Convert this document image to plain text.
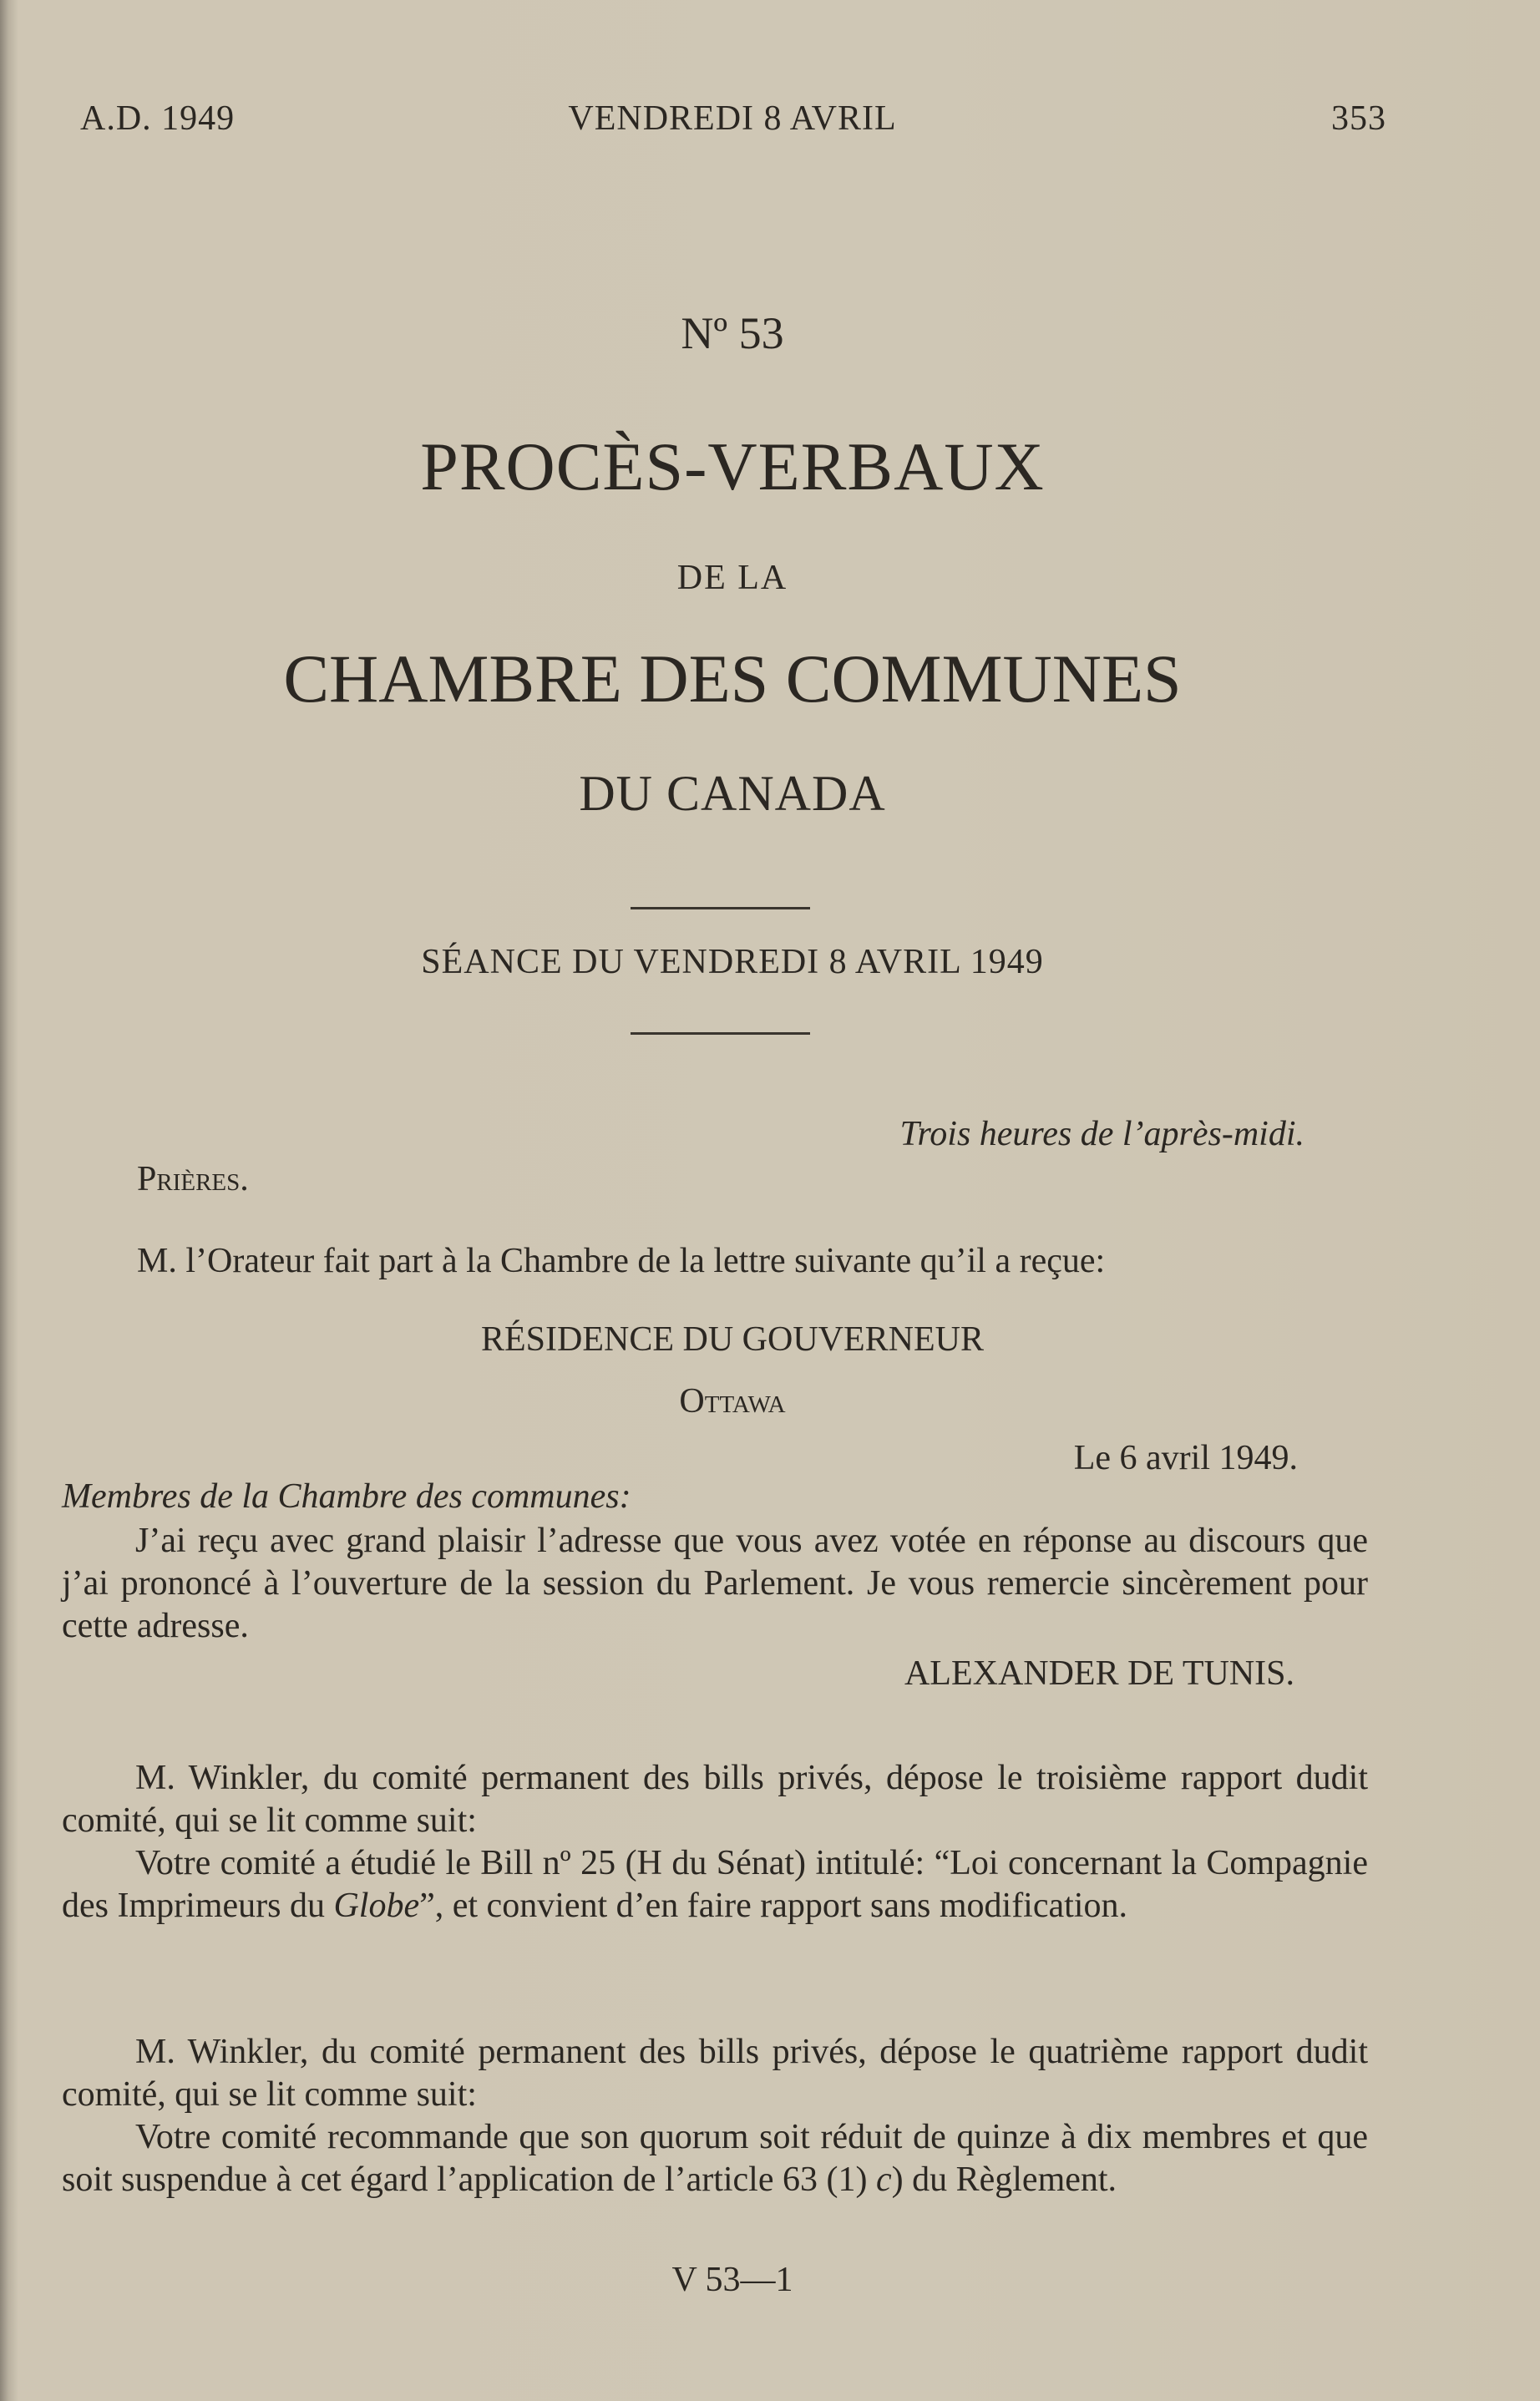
A.D. 1949	VENDREDI 8 AVRIL	353
Nº 53
PROCÈS-VERBAUX
DE LA
CHAMBRE DES COMMUNES
DU CANADA
SÉANCE DU VENDREDI 8 AVRIL 1949
Trois heures de l’après-midi.
Prières.
M. l’Orateur fait part à la Chambre de la lettre suivante qu’il a reçue:
RÉSIDENCE DU GOUVERNEUR
Ottawa
Le 6 avril 1949.
Membres de la Chambre des communes:
J’ai reçu avec grand plaisir l’adresse que vous avez votée en réponse au discours que j’ai prononcé à l’ouverture de la session du Parlement. Je vous remercie sincèrement pour cette adresse.
ALEXANDER DE TUNIS.
M. Winkler, du comité permanent des bills privés, dépose le troisième rapport dudit comité, qui se lit comme suit:
Votre comité a étudié le Bill nº 25 (H du Sénat) intitulé: “Loi concernant la Compagnie des Imprimeurs du Globe”, et convient d’en faire rapport sans modification.
M. Winkler, du comité permanent des bills privés, dépose le quatrième rapport dudit comité, qui se lit comme suit:
Votre comité recommande que son quorum soit réduit de quinze à dix membres et que soit suspendue à cet égard l’application de l’article 63 (1) c) du Règlement.
V 53—1
